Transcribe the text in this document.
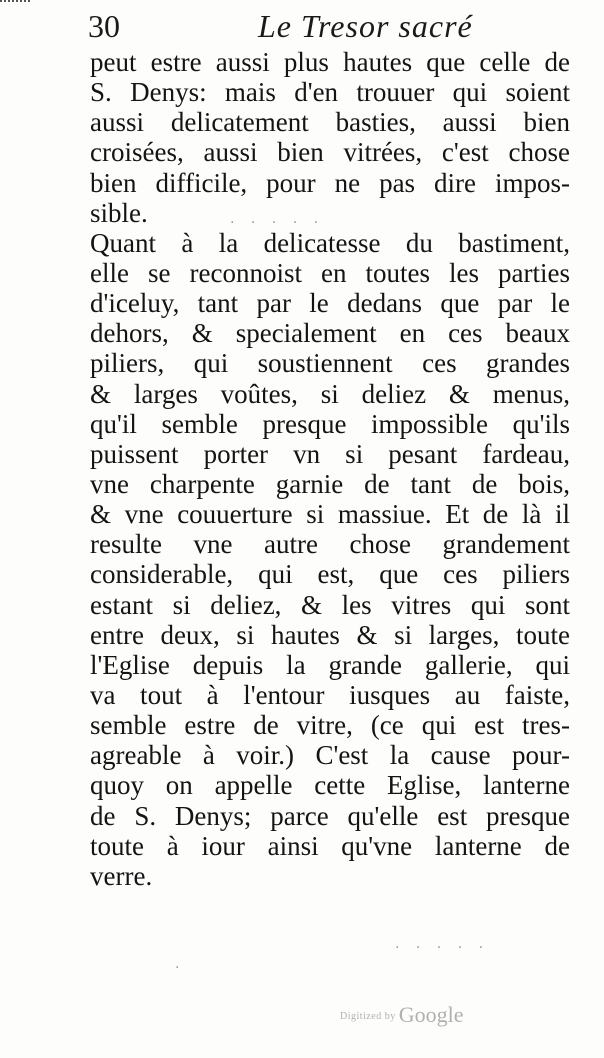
30	Le Tresor sacré
peut estre aussi plus hautes que celle de
S. Denys: mais d'en trouuer qui soient
aussi delicatement basties, aussi bien
croisées, aussi bien vitrées, c'est chose
bien difficile, pour ne pas dire impos-
sible.
Quant à la delicatesse du bastiment,
elle se reconnoist en toutes les parties
d'iceluy, tant par le dedans que par le
dehors, & specialement en ces beaux
piliers, qui soustiennent ces grandes
& larges voûtes, si deliez & menus,
qu'il semble presque impossible qu'ils
puissent porter vn si pesant fardeau,
vne charpente garnie de tant de bois,
& vne couuerture si massiue. Et de là il
resulte vne autre chose grandement
considerable, qui est, que ces piliers
estant si deliez, & les vitres qui sont
entre deux, si hautes & si larges, toute
l'Eglise depuis la grande gallerie, qui
va tout à l'entour iusques au faiste,
semble estre de vitre, (ce qui est tres-
agreable à voir.) C'est la cause pour-
quoy on appelle cette Eglise, lanterne
de S. Denys; parce qu'elle est presque
toute à iour ainsi qu'vne lanterne de
verre.
· · · · ·
· · · · ·
·
Digitized by Google
